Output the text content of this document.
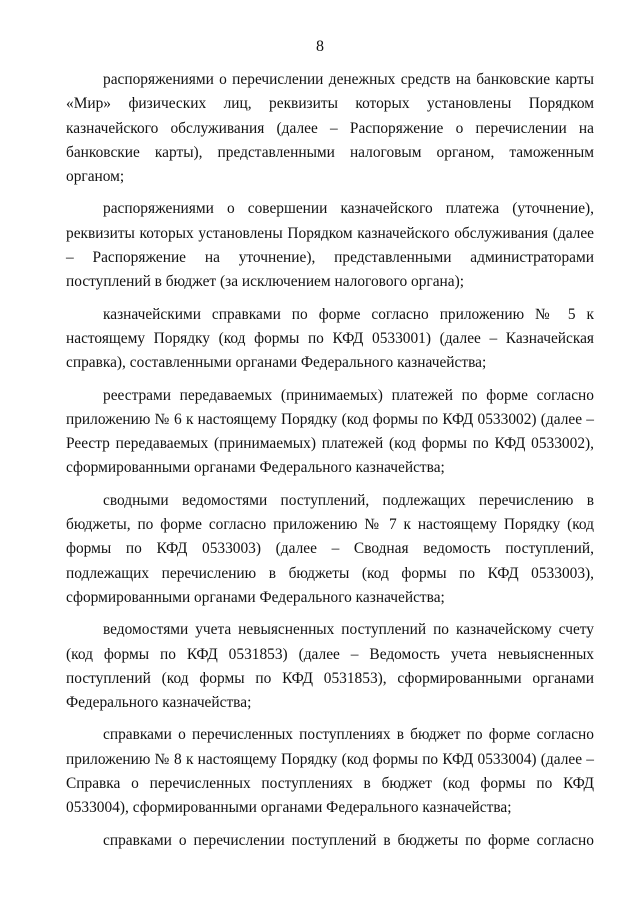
8

распоряжениями о перечислении денежных средств на банковские карты «Мир» физических лиц, реквизиты которых установлены Порядком казначейского обслуживания (далее – Распоряжение о перечислении на банковские карты), представленными налоговым органом, таможенным органом;

распоряжениями о совершении казначейского платежа (уточнение), реквизиты которых установлены Порядком казначейского обслуживания (далее – Распоряжение на уточнение), представленными администраторами поступлений в бюджет (за исключением налогового органа);

казначейскими справками по форме согласно приложению № 5 к настоящему Порядку (код формы по КФД 0533001) (далее – Казначейская справка), составленными органами Федерального казначейства;

реестрами передаваемых (принимаемых) платежей по форме согласно приложению № 6 к настоящему Порядку (код формы по КФД 0533002) (далее – Реестр передаваемых (принимаемых) платежей (код формы по КФД 0533002), сформированными органами Федерального казначейства;

сводными ведомостями поступлений, подлежащих перечислению в бюджеты, по форме согласно приложению № 7 к настоящему Порядку (код формы по КФД 0533003) (далее – Сводная ведомость поступлений, подлежащих перечислению в бюджеты (код формы по КФД 0533003), сформированными органами Федерального казначейства;

ведомостями учета невыясненных поступлений по казначейскому счету (код формы по КФД 0531853) (далее – Ведомость учета невыясненных поступлений (код формы по КФД 0531853), сформированными органами Федерального казначейства;

справками о перечисленных поступлениях в бюджет по форме согласно приложению № 8 к настоящему Порядку (код формы по КФД 0533004) (далее – Справка о перечисленных поступлениях в бюджет (код формы по КФД 0533004), сформированными органами Федерального казначейства;

справками о перечислении поступлений в бюджеты по форме согласно
